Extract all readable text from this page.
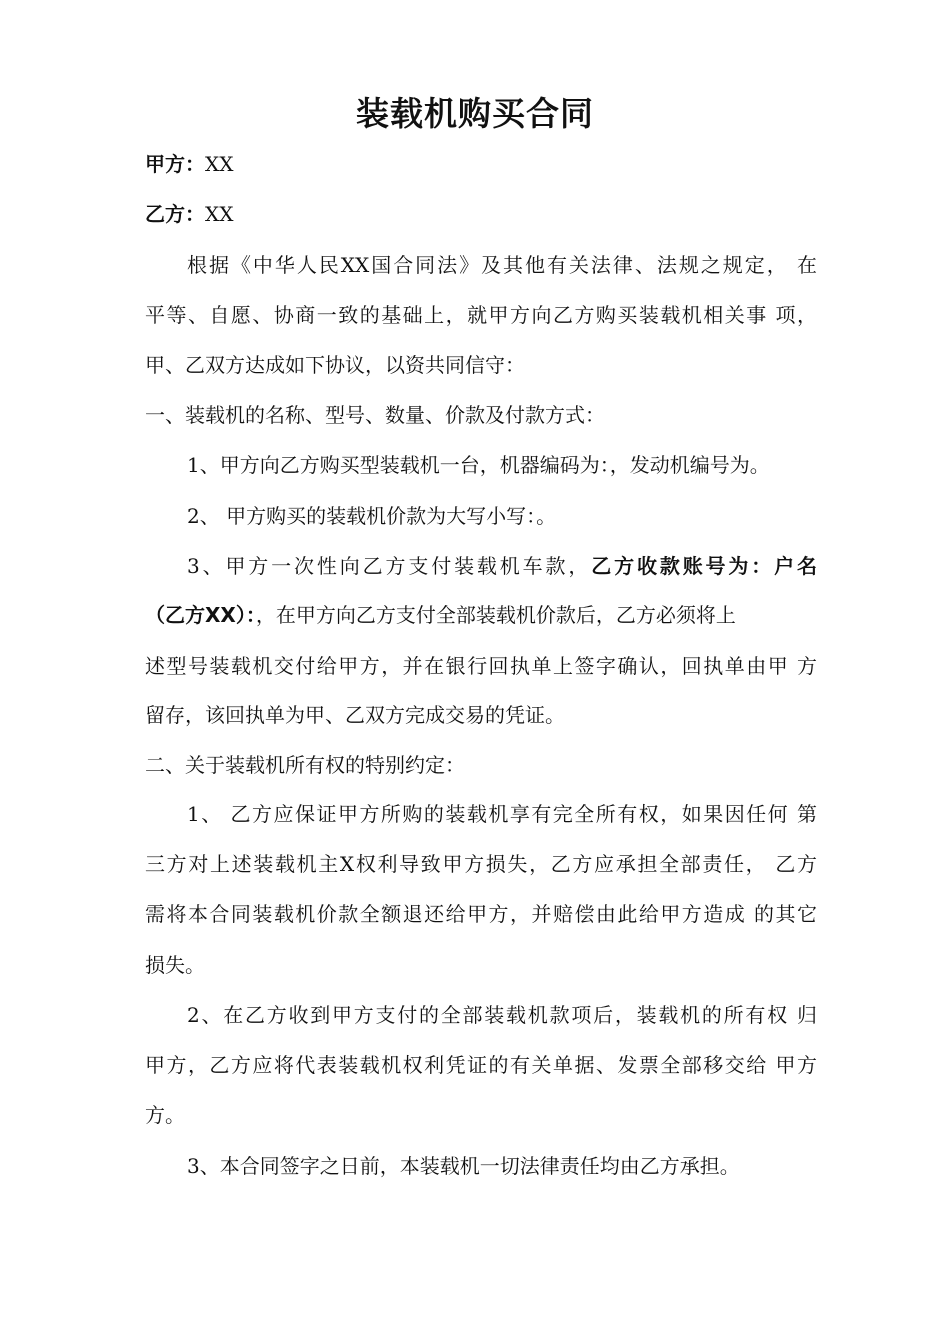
装载机购买合同
甲方：XX
乙方：XX
根据《中华人民XX国合同法》及其他有关法律、法规之规定， 在
平等、自愿、协商一致的基础上，就甲方向乙方购买装载机相关事 项，
甲、乙双方达成如下协议，以资共同信守：
一、装载机的名称、型号、数量、价款及付款方式：
1、甲方向乙方购买型装载机一台，机器编码为：，发动机编号为。
2、 甲方购买的装载机价款为大写小写：。
3、甲方一次性向乙方支付装载机车款，乙方收款账号为：户名
（乙方XX）：，在甲方向乙方支付全部装载机价款后，乙方必须将上
述型号装载机交付给甲方，并在银行回执单上签字确认，回执单由甲 方
留存，该回执单为甲、乙双方完成交易的凭证。
二、关于装载机所有权的特别约定：
1、 乙方应保证甲方所购的装载机享有完全所有权，如果因任何 第
三方对上述装载机主X权利导致甲方损失，乙方应承担全部责任， 乙方
需将本合同装载机价款全额退还给甲方，并赔偿由此给甲方造成 的其它
损失。
2、在乙方收到甲方支付的全部装载机款项后，装载机的所有权 归
甲方，乙方应将代表装载机权利凭证的有关单据、发票全部移交给 甲方
方。
3、本合同签字之日前，本装载机一切法律责任均由乙方承担。
